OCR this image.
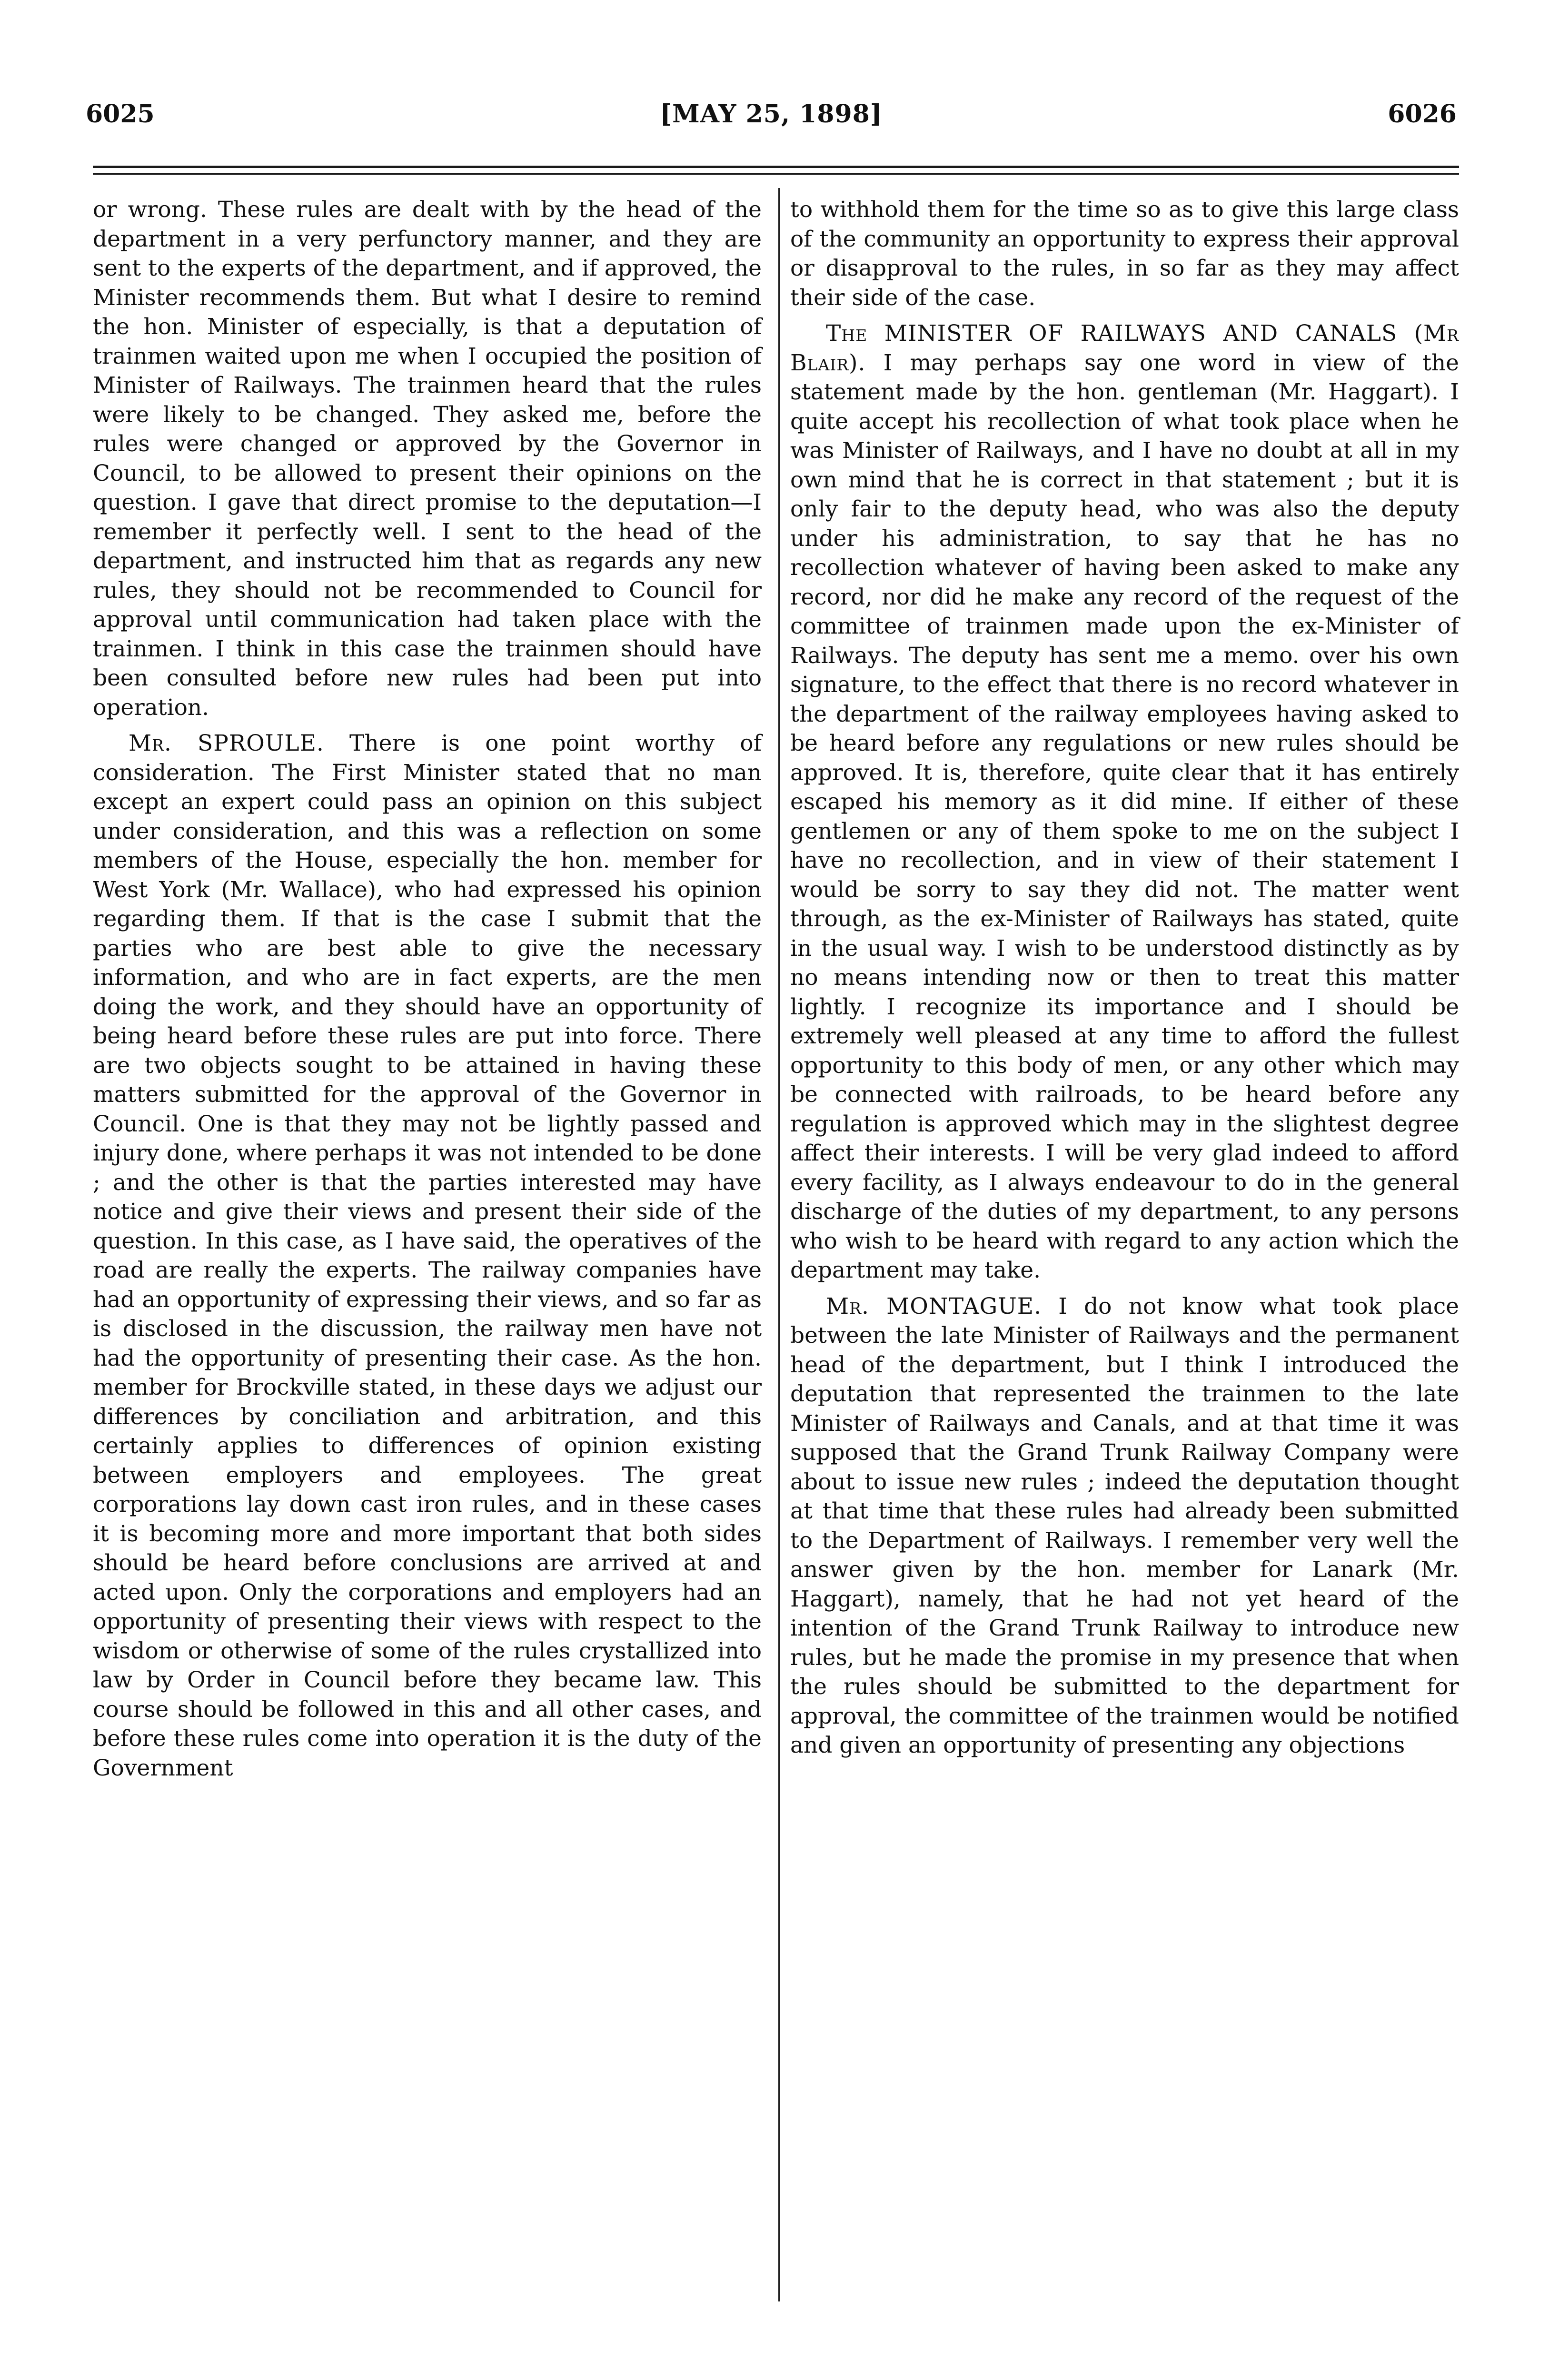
6025	[MAY 25, 1898]	6026

or wrong. These rules are dealt with by the head of the department in a very perfunctory manner, and they are sent to the experts of the department, and if approved, the Minister recommends them. But what I desire to remind the hon. Minister of especially, is that a deputation of trainmen waited upon me when I occupied the position of Minister of Railways. The trainmen heard that the rules were likely to be changed. They asked me, before the rules were changed or approved by the Governor in Council, to be allowed to present their opinions on the question. I gave that direct promise to the deputation—I remember it perfectly well. I sent to the head of the department, and instructed him that as regards any new rules, they should not be recommended to Council for approval until communication had taken place with the trainmen. I think in this case the trainmen should have been consulted before new rules had been put into operation.

Mr. SPROULE. There is one point worthy of consideration. The First Minister stated that no man except an expert could pass an opinion on this subject under consideration, and this was a reflection on some members of the House, especially the hon. member for West York (Mr. Wallace), who had expressed his opinion regarding them. If that is the case I submit that the parties who are best able to give the necessary information, and who are in fact experts, are the men doing the work, and they should have an opportunity of being heard before these rules are put into force. There are two objects sought to be attained in having these matters submitted for the approval of the Governor in Council. One is that they may not be lightly passed and injury done, where perhaps it was not intended to be done ; and the other is that the parties interested may have notice and give their views and present their side of the question. In this case, as I have said, the operatives of the road are really the experts. The railway companies have had an opportunity of expressing their views, and so far as is disclosed in the discussion, the railway men have not had the opportunity of presenting their case. As the hon. member for Brockville stated, in these days we adjust our differences by conciliation and arbitration, and this certainly applies to differences of opinion existing between employers and employees. The great corporations lay down cast iron rules, and in these cases it is becoming more and more important that both sides should be heard before conclusions are arrived at and acted upon. Only the corporations and employers had an opportunity of presenting their views with respect to the wisdom or otherwise of some of the rules crystallized into law by Order in Council before they became law. This course should be followed in this and all other cases, and before these rules come into operation it is the duty of the Government

to withhold them for the time so as to give this large class of the community an opportunity to express their approval or disapproval to the rules, in so far as they may affect their side of the case.

The MINISTER OF RAILWAYS AND CANALS (Mr Blair). I may perhaps say one word in view of the statement made by the hon. gentleman (Mr. Haggart). I quite accept his recollection of what took place when he was Minister of Railways, and I have no doubt at all in my own mind that he is correct in that statement ; but it is only fair to the deputy head, who was also the deputy under his administration, to say that he has no recollection whatever of having been asked to make any record, nor did he make any record of the request of the committee of trainmen made upon the ex-Minister of Railways. The deputy has sent me a memo. over his own signature, to the effect that there is no record whatever in the department of the railway employees having asked to be heard before any regulations or new rules should be approved. It is, therefore, quite clear that it has entirely escaped his memory as it did mine. If either of these gentlemen or any of them spoke to me on the subject I have no recollection, and in view of their statement I would be sorry to say they did not. The matter went through, as the ex-Minister of Railways has stated, quite in the usual way. I wish to be understood distinctly as by no means intending now or then to treat this matter lightly. I recognize its importance and I should be extremely well pleased at any time to afford the fullest opportunity to this body of men, or any other which may be connected with railroads, to be heard before any regulation is approved which may in the slightest degree affect their interests. I will be very glad indeed to afford every facility, as I always endeavour to do in the general discharge of the duties of my department, to any persons who wish to be heard with regard to any action which the department may take.

Mr. MONTAGUE. I do not know what took place between the late Minister of Railways and the permanent head of the department, but I think I introduced the deputation that represented the trainmen to the late Minister of Railways and Canals, and at that time it was supposed that the Grand Trunk Railway Company were about to issue new rules ; indeed the deputation thought at that time that these rules had already been submitted to the Department of Railways. I remember very well the answer given by the hon. member for Lanark (Mr. Haggart), namely, that he had not yet heard of the intention of the Grand Trunk Railway to introduce new rules, but he made the promise in my presence that when the rules should be submitted to the department for approval, the committee of the trainmen would be notified and given an opportunity of presenting any objections
